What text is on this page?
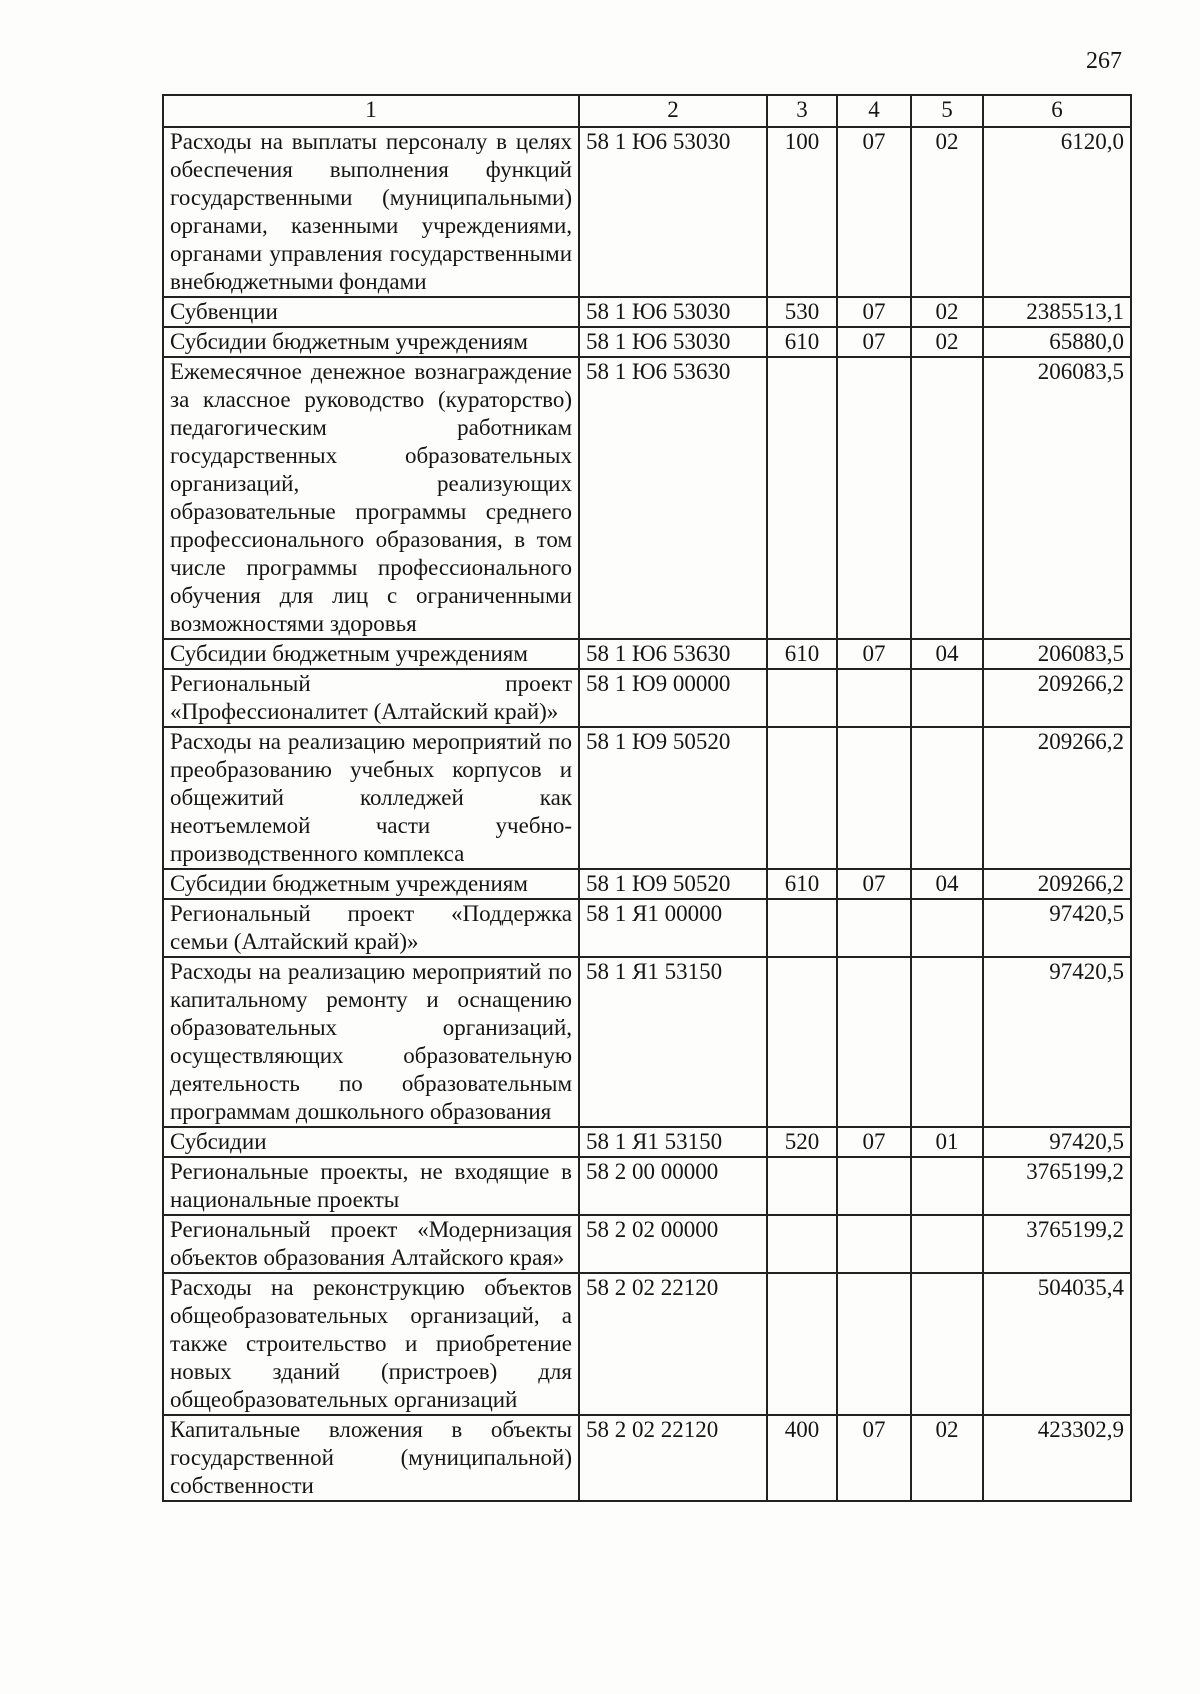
267
1	2	3	4	5	6
Расходы на выплаты персоналу в целях обеспечения выполнения функций государственными (муниципальными) органами, казенными учреждениями, органами управления государственными внебюджетными фондами	58 1 Ю6 53030	100	07	02	6120,0
Субвенции	58 1 Ю6 53030	530	07	02	2385513,1
Субсидии бюджетным учреждениям	58 1 Ю6 53030	610	07	02	65880,0
Ежемесячное денежное вознаграждение за классное руководство (кураторство) педагогическим работникам государственных образовательных организаций, реализующих образовательные программы среднего профессионального образования, в том числе программы профессионального обучения для лиц с ограниченными возможностями здоровья	58 1 Ю6 53630				206083,5
Субсидии бюджетным учреждениям	58 1 Ю6 53630	610	07	04	206083,5
Региональный проект «Профессионалитет (Алтайский край)»	58 1 Ю9 00000				209266,2
Расходы на реализацию мероприятий по преобразованию учебных корпусов и общежитий колледжей как неотъемлемой части учебно-производственного комплекса	58 1 Ю9 50520				209266,2
Субсидии бюджетным учреждениям	58 1 Ю9 50520	610	07	04	209266,2
Региональный проект «Поддержка семьи (Алтайский край)»	58 1 Я1 00000				97420,5
Расходы на реализацию мероприятий по капитальному ремонту и оснащению образовательных организаций, осуществляющих образовательную деятельность по образовательным программам дошкольного образования	58 1 Я1 53150				97420,5
Субсидии	58 1 Я1 53150	520	07	01	97420,5
Региональные проекты, не входящие в национальные проекты	58 2 00 00000				3765199,2
Региональный проект «Модернизация объектов образования Алтайского края»	58 2 02 00000				3765199,2
Расходы на реконструкцию объектов общеобразовательных организаций, а также строительство и приобретение новых зданий (пристроев) для общеобразовательных организаций	58 2 02 22120				504035,4
Капитальные вложения в объекты государственной (муниципальной) собственности	58 2 02 22120	400	07	02	423302,9
